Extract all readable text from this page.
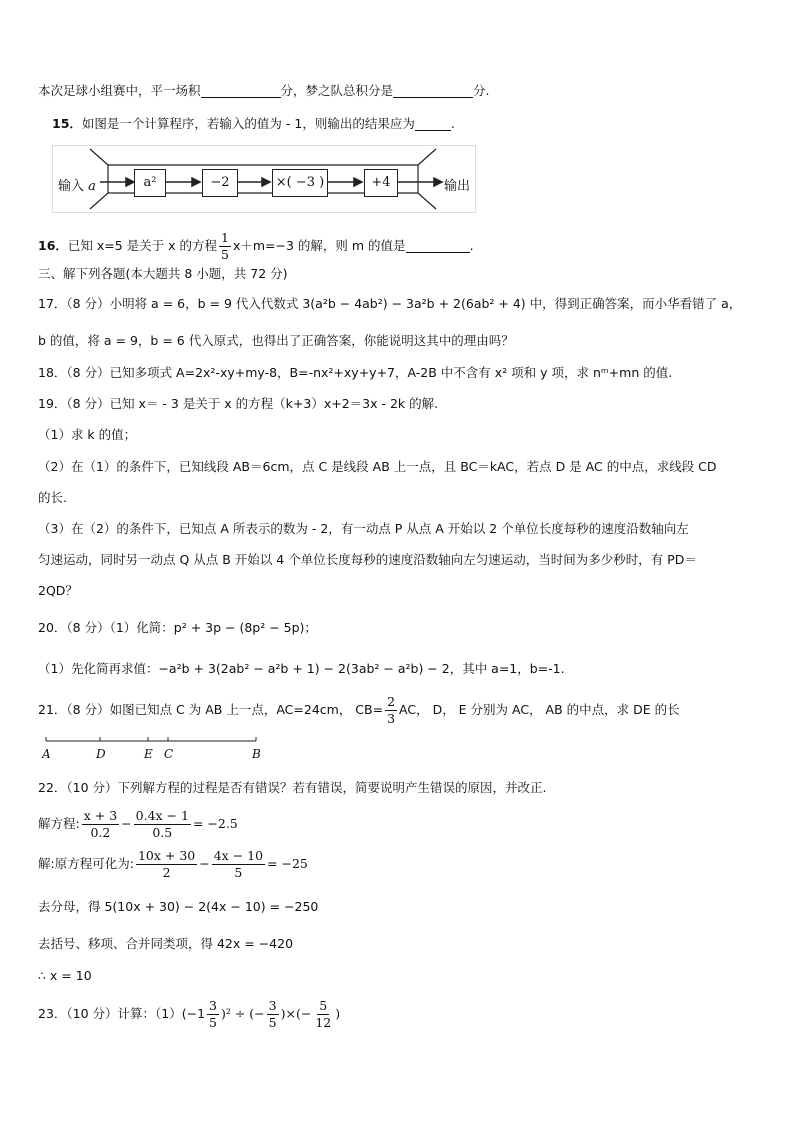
本次足球小组赛中，平一场积	分，梦之队总积分是	分.
15．如图是一个计算程序，若输入的值为 - 1，则输出的结果应为	.
输入 a	a²	−2	×( −3 )	+4	输出
16．已知 x=5 是关于 x 的方程 $\frac{1}{5} x+m=-3$ 的解，则 m 的值是	.
三、解下列各题(本大题共 8 小题，共 72 分)
17．（8 分）小明将 a = 6，b = 9 代入代数式 3(a²b − 4ab²) − 3a²b + 2(6ab² + 4) 中，得到正确答案，而小华看错了 a，
b 的值，将 a = 9，b = 6 代入原式，也得出了正确答案，你能说明这其中的理由吗？
18．（8 分）已知多项式 A=2x²-xy+my-8，B=-nx²+xy+y+7，A-2B 中不含有 x² 项和 y 项，求 nᵐ+mn 的值.
19．（8 分）已知 x＝ - 3 是关于 x 的方程（k+3）x+2＝3x - 2k 的解.
（1）求 k 的值；
（2）在（1）的条件下，已知线段 AB＝6cm，点 C 是线段 AB 上一点，且 BC＝kAC，若点 D 是 AC 的中点，求线段 CD
的长.
（3）在（2）的条件下，已知点 A 所表示的数为 - 2，有一动点 P 从点 A 开始以 2 个单位长度每秒的速度沿数轴向左
匀速运动，同时另一动点 Q 从点 B 开始以 4 个单位长度每秒的速度沿数轴向左匀速运动，当时间为多少秒时，有 PD＝
2QD？
20．（8 分）（1）化简：p² + 3p − (8p² − 5p)；
（1）先化简再求值：−a²b + 3(2ab² − a²b + 1) − 2(3ab² − a²b) − 2，其中 a=1，b=-1.
21．（8 分）如图已知点 C 为 AB 上一点，AC=24cm， $CB= \frac{2}{3}$ AC， D， E 分别为 AC， AB 的中点，求 DE 的长
A	D	E C	B
22．（10 分）下列解方程的过程是否有错误？若有错误，简要说明产生错误的原因，并改正.
解方程: $\frac{x + 3}{0.2} - \frac{0.4x - 1}{0.5} = -2.5$
解:原方程可化为: $\frac{10x + 30}{2} - \frac{4x - 10}{5} = -25$
去分母，得 5(10x + 30) − 2(4x − 10) = −250
去括号、移项、合并同类项，得 42x = −420
∴ x = 10
23．（10 分）计算：$(1)(-1 \frac{3}{5} )^2$ ÷ (− $\frac{3}{5}$ )×(− $\frac{5}{12}$ )
